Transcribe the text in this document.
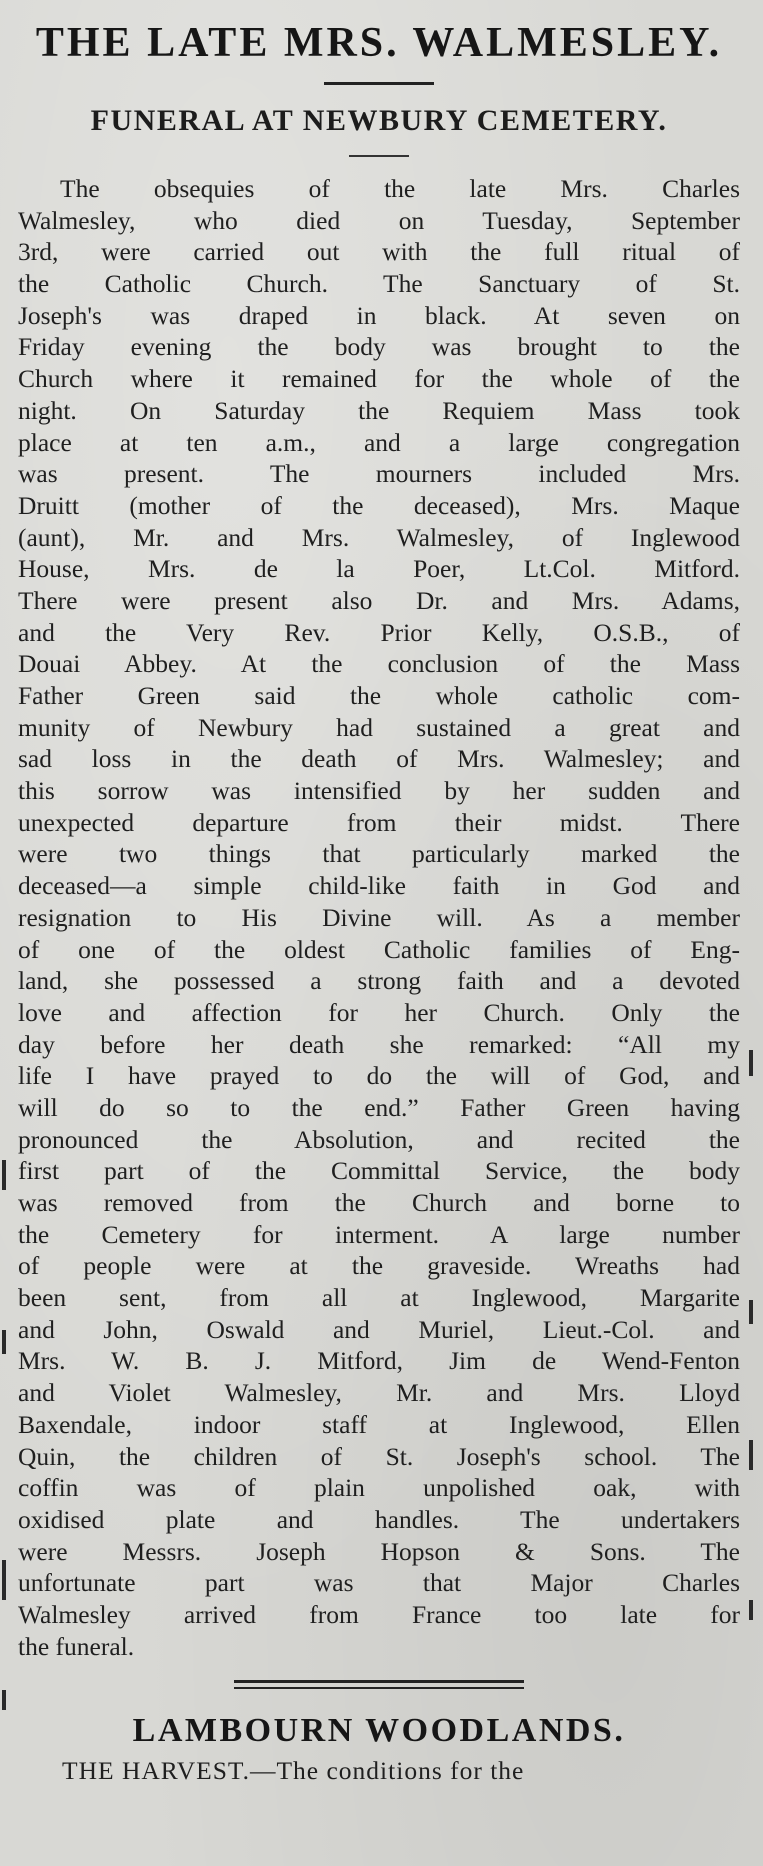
THE LATE MRS. WALMESLEY.
FUNERAL AT NEWBURY CEMETERY.
The obsequies of the late Mrs. Charles
Walmesley, who died on Tuesday, September
3rd, were carried out with the full ritual of
the Catholic Church. The Sanctuary of St.
Joseph's was draped in black. At seven on
Friday evening the body was brought to the
Church where it remained for the whole of the
night. On Saturday the Requiem Mass took
place at ten a.m., and a large congregation
was present. The mourners included Mrs.
Druitt (mother of the deceased), Mrs. Maque
(aunt), Mr. and Mrs. Walmesley, of Inglewood
House, Mrs. de la Poer, Lt.Col. Mitford.
There were present also Dr. and Mrs. Adams,
and the Very Rev. Prior Kelly, O.S.B., of
Douai Abbey. At the conclusion of the Mass
Father Green said the whole catholic com-
munity of Newbury had sustained a great and
sad loss in the death of Mrs. Walmesley; and
this sorrow was intensified by her sudden and
unexpected departure from their midst. There
were two things that particularly marked the
deceased—a simple child-like faith in God and
resignation to His Divine will. As a member
of one of the oldest Catholic families of Eng-
land, she possessed a strong faith and a devoted
love and affection for her Church. Only the
day before her death she remarked: “All my
life I have prayed to do the will of God, and
will do so to the end.” Father Green having
pronounced the Absolution, and recited the
first part of the Committal Service, the body
was removed from the Church and borne to
the Cemetery for interment. A large number
of people were at the graveside. Wreaths had
been sent, from all at Inglewood, Margarite
and John, Oswald and Muriel, Lieut.-Col. and
Mrs. W. B. J. Mitford, Jim de Wend-Fenton
and Violet Walmesley, Mr. and Mrs. Lloyd
Baxendale, indoor staff at Inglewood, Ellen
Quin, the children of St. Joseph's school. The
coffin was of plain unpolished oak, with
oxidised plate and handles. The undertakers
were Messrs. Joseph Hopson & Sons. The
unfortunate part was that Major Charles
Walmesley arrived from France too late for
the funeral.
LAMBOURN WOODLANDS.

THE HARVEST.—The conditions for the
